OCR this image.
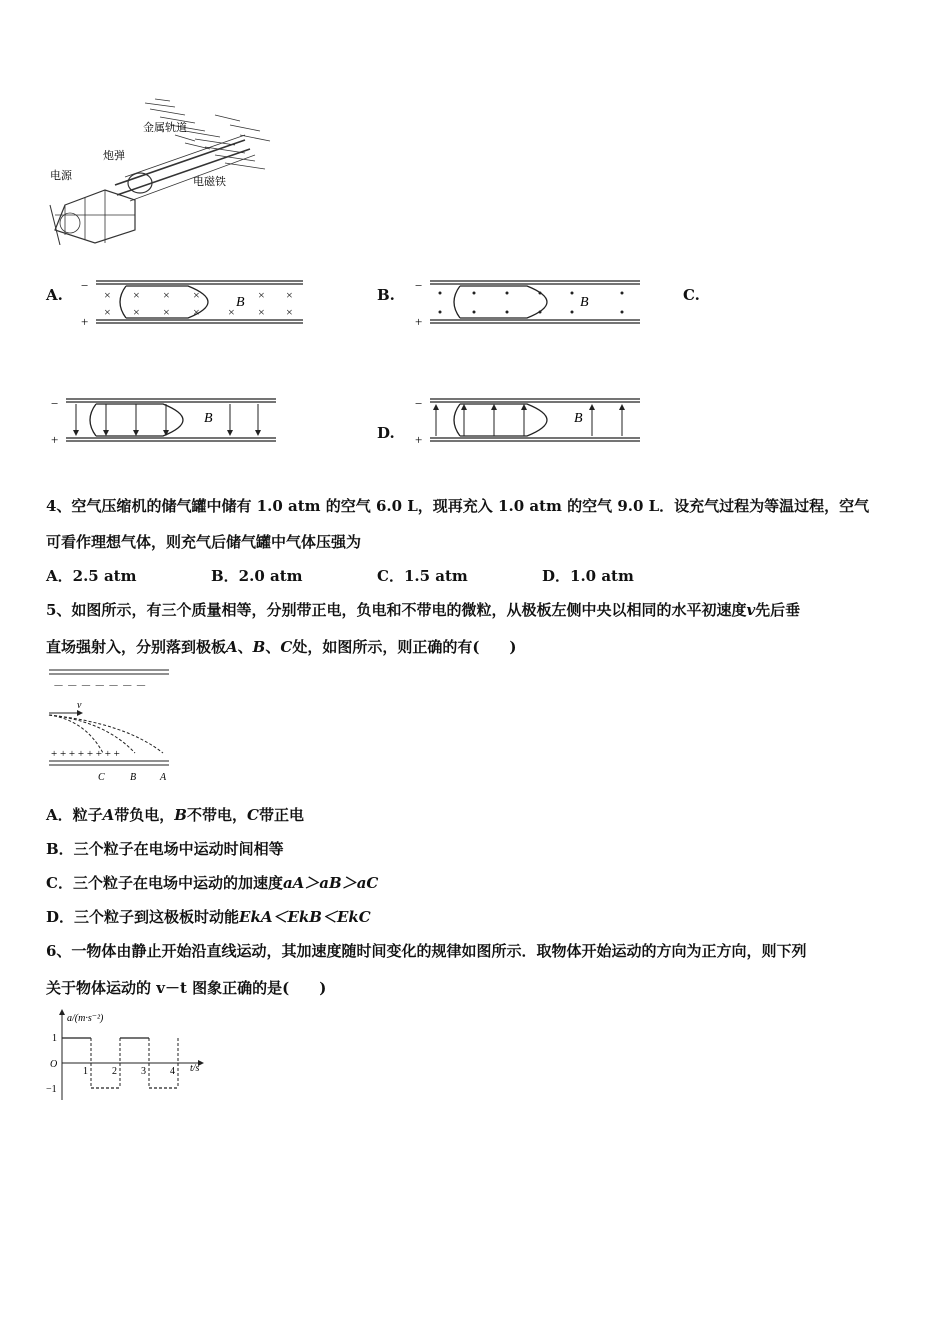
金属轨道
炮弹
电源	电磁铁
A.
−
+
× × × ×	× ×
× × × × × × ×
B	B.
−
+
B	C.
−
+
B
D.
−
+
B
4、空气压缩机的储气罐中储有 1.0 atm 的空气 6.0 L，现再充入 1.0 atm 的空气 9.0 L．设充气过程为等温过程，空气
可看作理想气体，则充气后储气罐中气体压强为
A．2.5 atm	B．2.0 atm	C．1.5 atm	D．1.0 atm
5、如图所示，有三个质量相等，分别带正电，负电和不带电的微粒，从极板左侧中央以相同的水平初速度v先后垂
直场强射入，分别落到极板A、B、C处，如图所示，则正确的有(　　)
－ － － － － － －
v
+ + + + + + + +
C	B A
A．粒子A带负电，B不带电，C带正电
B．三个粒子在电场中运动时间相等
C．三个粒子在电场中运动的加速度aA＞aB＞aC
D．三个粒子到这极板时动能EkA＜EkB＜EkC
6、一物体由静止开始沿直线运动，其加速度随时间变化的规律如图所示．取物体开始运动的方向为正方向，则下列
关于物体运动的 v－t 图象正确的是(　　)
a/(m·s⁻²)
t/s
1
O
−1
1 2 3 4
